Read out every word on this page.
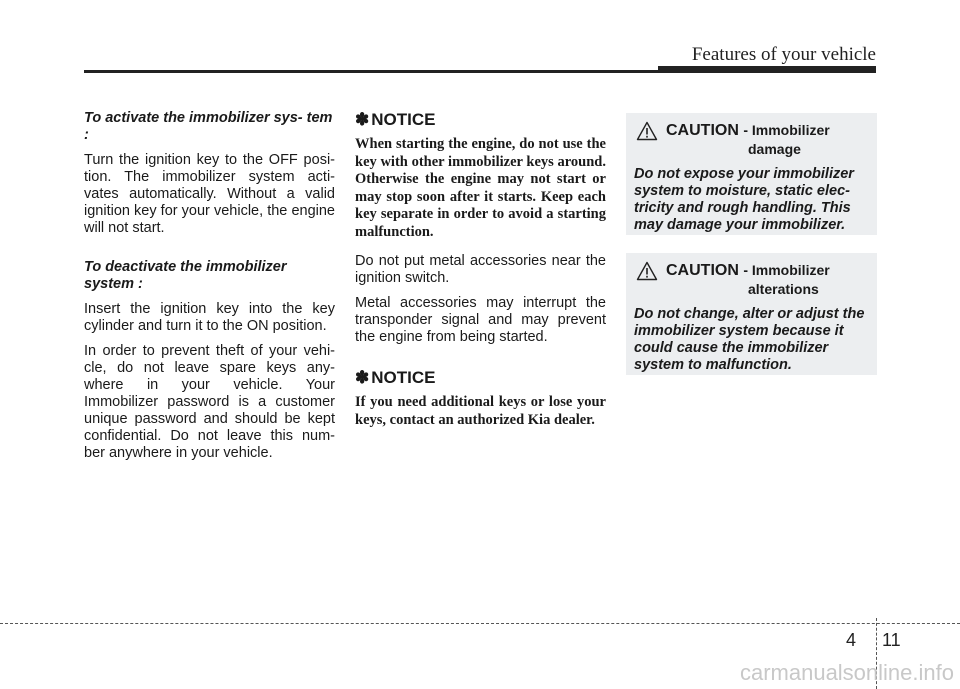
Features of your vehicle

To activate the immobilizer sys- tem :

Turn the ignition key to the OFF posi- tion. The immobilizer system acti- vates automatically. Without a valid ignition key for your vehicle, the engine will not start.

To deactivate the immobilizer system :

Insert the ignition key into the key cylinder and turn it to the ON position.

In order to prevent theft of your vehi- cle, do not leave spare keys any- where in your vehicle. Your Immobilizer password is a customer unique password and should be kept confidential. Do not leave this num- ber anywhere in your vehicle.

✽ NOTICE

When starting the engine, do not use the key with other immobilizer keys around. Otherwise the engine may not start or may stop soon after it starts. Keep each key separate in order to avoid a starting malfunction.

Do not put metal accessories near the ignition switch.

Metal accessories may interrupt the transponder signal and may prevent the engine from being started.

✽ NOTICE

If you need additional keys or lose your keys, contact an authorized Kia dealer.

CAUTION - Immobilizer
damage

Do not expose your immobilizer system to moisture, static elec- tricity and rough handling. This may damage your immobilizer.

CAUTION - Immobilizer
alterations

Do not change, alter or adjust the immobilizer system because it could cause the immobilizer system to malfunction.

4 11
carmanualsonline.info
